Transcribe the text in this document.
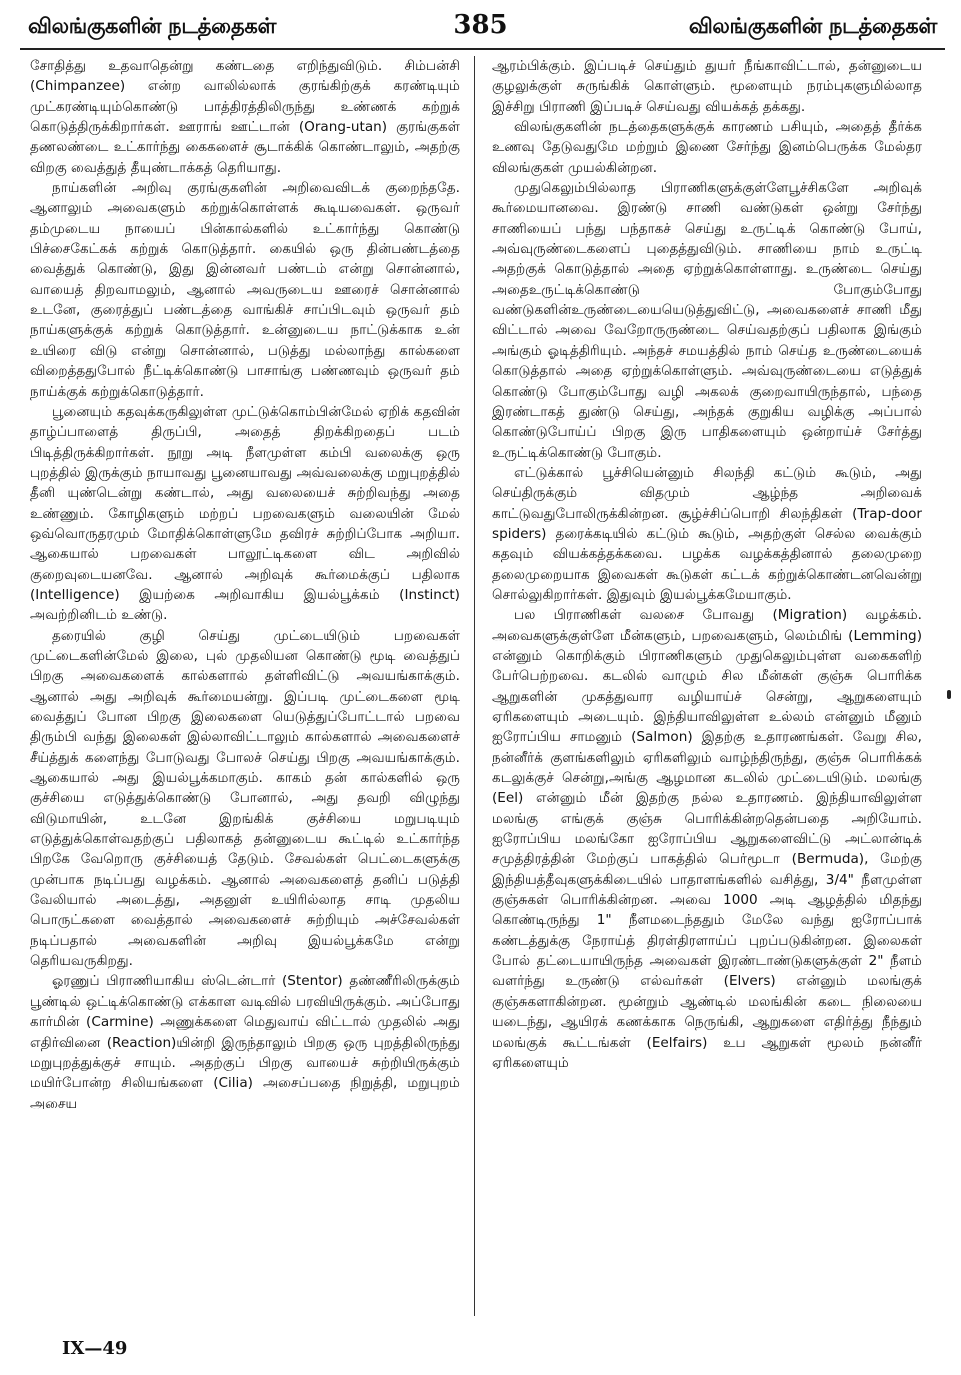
விலங்குகளின் நடத்தைகள்	385	விலங்குகளின் நடத்தைகள்

சோதித்து உதவாதென்று கண்டதை எறிந்துவிடும். சிம்பன்சி (Chimpanzee) என்ற வாலில்லாக் குரங்கிற்குக் கரண்டியும் முட்கரண்டியும்கொண்டு பாத்திரத்திலிருந்து உண்ணக் கற்றுக் கொடுத்திருக்கிறார்கள். ஊராங் ஊட்டான் (Orang-utan) குரங்குகள் தணலண்டை உட்கார்ந்து கைகளைச் சூடாக்கிக் கொண்டாலும், அதற்கு விறகு வைத்துத் தீயுண்டாக்கத் தெரியாது.

நாய்களின் அறிவு குரங்குகளின் அறிவைவிடக் குறைந்ததே. ஆனாலும் அவைகளும் கற்றுக்கொள்ளக் கூடியவைகள். ஒருவர் தம்முடைய நாயைப் பின்கால்களில் உட்கார்ந்து கொண்டு பிச்சைகேட்கக் கற்றுக் கொடுத்தார். கையில் ஒரு தின்பண்டத்தை வைத்துக் கொண்டு, இது இன்னவர் பண்டம் என்று சொன்னால், வாயைத் திறவாமலும், ஆனால் அவருடைய ஊரைச் சொன்னால் உடனே, குரைத்துப் பண்டத்தை வாங்கிச் சாப்பிடவும் ஒருவர் தம் நாய்களுக்குக் கற்றுக் கொடுத்தார். உன்னுடைய நாட்டுக்காக உன் உயிரை விடு என்று சொன்னால், படுத்து மல்லாந்து கால்களை விறைத்ததுபோல் நீட்டிக்கொண்டு பாசாங்கு பண்ணவும் ஒருவர் தம் நாய்க்குக் கற்றுக்கொடுத்தார்.

பூனையும் கதவுக்கருகிலுள்ள முட்டுக்கொம்பின்மேல் ஏறிக் கதவின் தாழ்ப்பாளைத் திருப்பி, அதைத் திறக்கிறதைப் படம் பிடித்திருக்கிறார்கள். நூறு அடி நீளமுள்ள கம்பி வலைக்கு ஒரு புறத்தில் இருக்கும் நாயாவது பூனையாவது அவ்வலைக்கு மறுபுறத்தில் தீனி யுண்டென்று கண்டால், அது வலையைச் சுற்றிவந்து அதை உண்ணும். கோழிகளும் மற்றப் பறவைகளும் வலையின் மேல் ஒவ்வொருதரமும் மோதிக்கொள்ளுமே தவிரச் சுற்றிப்போக அறியா. ஆகையால் பறவைகள் பாலூட்டிகளை விட அறிவில் குறைவுடையனவே. ஆனால் அறிவுக் கூர்மைக்குப் பதிலாக (Intelligence) இயற்கை அறிவாகிய இயல்பூக்கம் (Instinct) அவற்றினிடம் உண்டு.

தரையில் குழி செய்து முட்டையிடும் பறவைகள் முட்டைகளின்மேல் இலை, புல் முதலியன கொண்டு மூடி வைத்துப் பிறகு அவைகளைக் கால்களால் தள்ளிவிட்டு அவயங்காக்கும். ஆனால் அது அறிவுக் கூர்மையன்று. இப்படி முட்டைகளை மூடி வைத்துப் போன பிறகு இலைகளை யெடுத்துப்போட்டால் பறவை திரும்பி வந்து இலைகள் இல்லாவிட்டாலும் கால்களால் அவைகளைச் சீய்த்துக் களைந்து போடுவது போலச் செய்து பிறகு அவயங்காக்கும். ஆகையால் அது இயல்பூக்கமாகும். காகம் தன் கால்களில் ஒரு குச்சியை எடுத்துக்கொண்டு போனால், அது தவறி விழுந்து விடுமாயின், உடனே இறங்கிக் குச்சியை மறுபடியும் எடுத்துக்கொள்வதற்குப் பதிலாகத் தன்னுடைய கூட்டில் உட்கார்ந்த பிறகே வேறொரு குச்சியைத் தேடும். சேவல்கள் பெட்டைகளுக்கு முன்பாக நடிப்பது வழக்கம். ஆனால் அவைகளைத் தனிப் படுத்தி வேலியால் அடைத்து, அதனுள் உயிரில்லாத சாடி முதலிய பொருட்களை வைத்தால் அவைகளைச் சுற்றியும் அச்சேவல்கள் நடிப்பதால் அவைகளின் அறிவு இயல்பூக்கமே என்று தெரியவருகிறது.

ஓரணுப் பிராணியாகிய ஸ்டென்டார் (Stentor) தண்ணீரிலிருக்கும் பூண்டில் ஒட்டிக்கொண்டு எக்காள வடிவில் பரவியிருக்கும். அப்போது கார்மின் (Carmine) அணுக்களை மெதுவாய் விட்டால் முதலில் அது எதிர்வினை (Reaction)யின்றி இருந்தாலும் பிறகு ஒரு புறத்திலிருந்து மறுபுறத்துக்குச் சாயும். அதற்குப் பிறகு வாயைச் சுற்றியிருக்கும் மயிர்போன்ற சிலியங்களை (Cilia) அசைப்பதை நிறுத்தி, மறுபுறம் அசைய

ஆரம்பிக்கும். இப்படிச் செய்தும் துயர் நீங்காவிட்டால், தன்னுடைய குழலுக்குள் சுருங்கிக் கொள்ளும். மூளையும் நரம்புகளுமில்லாத இச்சிறு பிராணி இப்படிச் செய்வது வியக்கத் தக்கது.

விலங்குகளின் நடத்தைகளுக்குக் காரணம் பசியும், அதைத் தீர்க்க உணவு தேடுவதுமே மற்றும் இணை சேர்ந்து இனம்பெருக்க மேல்தர விலங்குகள் முயல்கின்றன.

முதுகெலும்பில்லாத பிராணிகளுக்குள்ளேபூச்சிகளே அறிவுக் கூர்மையானவை. இரண்டு சாணி வண்டுகள் ஒன்று சேர்ந்து சாணியைப் பந்து பந்தாகச் செய்து உருட்டிக் கொண்டு போய், அவ்வுருண்டைகளைப் புதைத்துவிடும். சாணியை நாம் உருட்டி அதற்குக் கொடுத்தால் அதை ஏற்றுக்கொள்ளாது. உருண்டை செய்து அதைஉருட்டிக்கொண்டு போகும்போது வண்டுகளின்உருண்டையையெடுத்துவிட்டு, அவைகளைச் சாணி மீது விட்டால் அவை வேறோருருண்டை செய்வதற்குப் பதிலாக இங்கும் அங்கும் ஓடித்திரியும். அந்தச் சமயத்தில் நாம் செய்த உருண்டையைக் கொடுத்தால் அதை ஏற்றுக்கொள்ளும். அவ்வுருண்டையை எடுத்துக் கொண்டு போகும்போது வழி அகலக் குறைவாயிருந்தால், பந்தை இரண்டாகத் துண்டு செய்து, அந்தக் குறுகிய வழிக்கு அப்பால் கொண்டுபோய்ப் பிறகு இரு பாதிகளையும் ஒன்றாய்ச் சேர்த்து உருட்டிக்கொண்டு போகும்.

எட்டுக்கால் பூச்சியென்னும் சிலந்தி கட்டும் கூடும், அது செய்திருக்கும் விதமும் ஆழ்ந்த அறிவைக் காட்டுவதுபோலிருக்கின்றன. சூழ்ச்சிப்பொறி சிலந்திகள் (Trap-door spiders) தரைக்கடியில் கட்டும் கூடும், அதற்குள் செல்ல வைக்கும் கதவும் வியக்கத்தக்கவை. பழக்க வழக்கத்தினால் தலைமுறை தலைமுறையாக இவைகள் கூடுகள் கட்டக் கற்றுக்கொண்டனவென்று சொல்லுகிறார்கள். இதுவும் இயல்பூக்கமேயாகும்.

பல பிராணிகள் வலசை போவது (Migration) வழக்கம். அவைகளுக்குள்ளே மீன்களும், பறவைகளும், லெம்மிங் (Lemming) என்னும் கொறிக்கும் பிராணிகளும் முதுகெலும்புள்ள வகைகளிற் பேர்பெற்றவை. கடலில் வாழும் சில மீன்கள் குஞ்சு பொரிக்க ஆறுகளின் முகத்துவார வழியாய்ச் சென்று, ஆறுகளையும் ஏரிகளையும் அடையும். இந்தியாவிலுள்ள உல்லம் என்னும் மீனும் ஐரோப்பிய சாமனும் (Salmon) இதற்கு உதாரணங்கள். வேறு சில, நன்னீர்க் குளங்களிலும் ஏரிகளிலும் வாழ்ந்திருந்து, குஞ்சு பொரிக்கக் கடலுக்குச் சென்று,அங்கு ஆழமான கடலில் முட்டையிடும். மலங்கு (Eel) என்னும் மீன் இதற்கு நல்ல உதாரணம். இந்தியாவிலுள்ள மலங்கு எங்குக் குஞ்சு பொரிக்கின்றதென்பதை அறியோம். ஐரோப்பிய மலங்கோ ஐரோப்பிய ஆறுகளைவிட்டு அட்லான்டிக் சமுத்திரத்தின் மேற்குப் பாகத்தில் பெர்மூடா (Bermuda), மேற்கு இந்தியத்தீவுகளுக்கிடையில் பாதாளங்களில் வசித்து, 3/4" நீளமுள்ள குஞ்சுகள் பொரிக்கின்றன. அவை 1000 அடி ஆழத்தில் மிதந்து கொண்டிருந்து 1" நீளமடைந்ததும் மேலே வந்து ஐரோப்பாக் கண்டத்துக்கு நேராய்த் திரள்திரளாய்ப் புறப்படுகின்றன. இலைகள் போல் தட்டையாயிருந்த அவைகள் இரண்டாண்டுகளுக்குள் 2" நீளம் வளர்ந்து உருண்டு எல்வர்கள் (Elvers) என்னும் மலங்குக் குஞ்சுகளாகின்றன. மூன்றும் ஆண்டில் மலங்கின் கடை நிலையை யடைந்து, ஆயிரக் கணக்காக நெருங்கி, ஆறுகளை எதிர்த்து நீந்தும் மலங்குக் கூட்டங்கள் (Eelfairs) உப ஆறுகள் மூலம் நன்னீர் ஏரிகளையும்

IX—49
